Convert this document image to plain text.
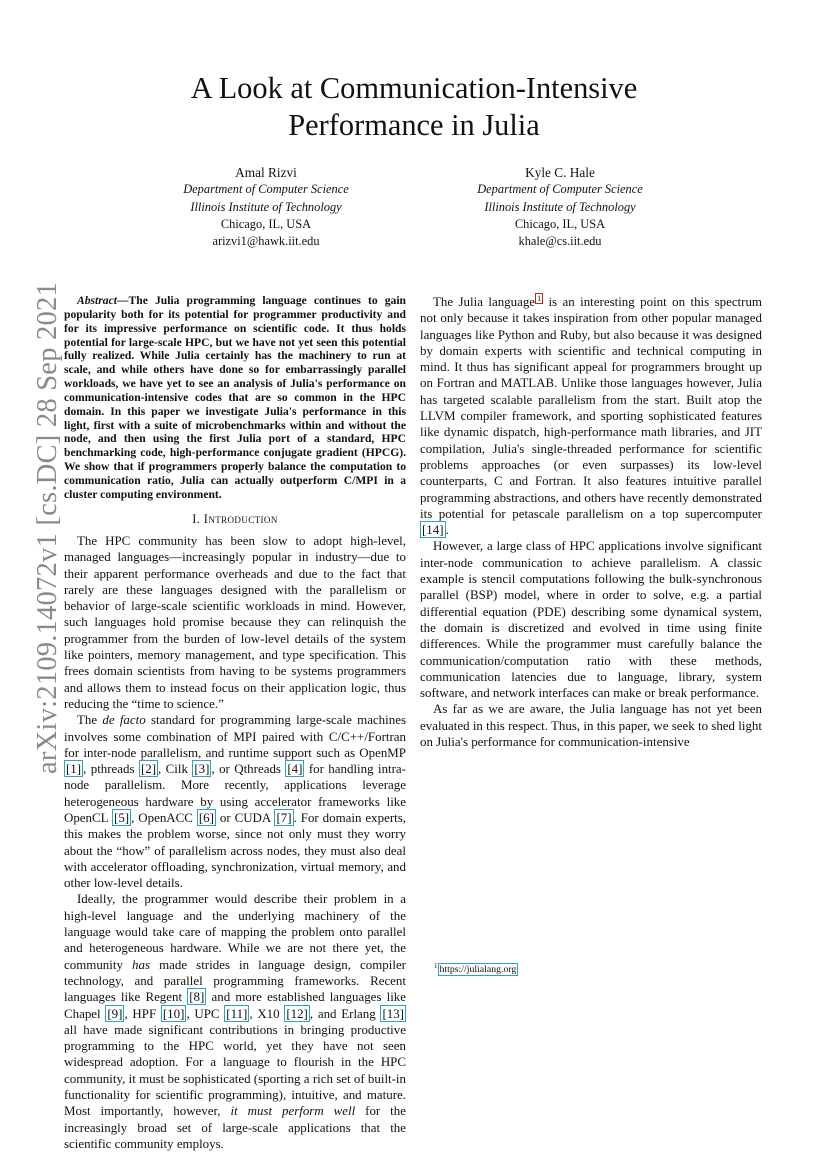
arXiv:2109.14072v1 [cs.DC] 28 Sep 2021
A Look at Communication-Intensive
Performance in Julia
Amal Rizvi
Department of Computer Science
Illinois Institute of Technology
Chicago, IL, USA
arizvi1@hawk.iit.edu
Kyle C. Hale
Department of Computer Science
Illinois Institute of Technology
Chicago, IL, USA
khale@cs.iit.edu

Abstract—The Julia programming language continues to gain popularity both for its potential for programmer productivity and for its impressive performance on scientific code. It thus holds potential for large-scale HPC, but we have not yet seen this potential fully realized. While Julia certainly has the machinery to run at scale, and while others have done so for embarrassingly parallel workloads, we have yet to see an analysis of Julia's performance on communication-intensive codes that are so common in the HPC domain. In this paper we investigate Julia's performance in this light, first with a suite of microbenchmarks within and without the node, and then using the first Julia port of a standard, HPC benchmarking code, high-performance conjugate gradient (HPCG). We show that if programmers properly balance the computation to communication ratio, Julia can actually outperform C/MPI in a cluster computing environment.

I. Introduction

The HPC community has been slow to adopt high-level, managed languages—increasingly popular in industry—due to their apparent performance overheads and due to the fact that rarely are these languages designed with the parallelism or behavior of large-scale scientific workloads in mind. However, such languages hold promise because they can relinquish the programmer from the burden of low-level details of the system like pointers, memory management, and type specification. This frees domain scientists from having to be systems programmers and allows them to instead focus on their application logic, thus reducing the “time to science.”

The de facto standard for programming large-scale machines involves some combination of MPI paired with C/C++/Fortran for inter-node parallelism, and runtime support such as OpenMP [1] , pthreads [2] , Cilk [3] , or Qthreads [4] for handling intra-node parallelism. More recently, applications leverage heterogeneous hardware by using accelerator frameworks like OpenCL [5] , OpenACC [6] or CUDA [7] . For domain experts, this makes the problem worse, since not only must they worry about the “how” of parallelism across nodes, they must also deal with accelerator offloading, synchronization, virtual memory, and other low-level details.

Ideally, the programmer would describe their problem in a high-level language and the underlying machinery of the language would take care of mapping the problem onto parallel and heterogeneous hardware. While we are not there yet, the community has made strides in language design, compiler technology, and parallel programming frameworks. Recent languages like Regent [8] and more established languages like Chapel [9] , HPF [10] , UPC [11] , X10 [12] , and Erlang [13] all have made significant contributions in bringing productive programming to the HPC world, yet they have not seen widespread adoption. For a language to flourish in the HPC community, it must be sophisticated (sporting a rich set of built-in functionality for scientific programming), intuitive, and mature. Most importantly, however, it must perform well for the increasingly broad set of large-scale applications that the scientific community employs.

The Julia language $^1$ is an interesting point on this spectrum not only because it takes inspiration from other popular managed languages like Python and Ruby, but also because it was designed by domain experts with scientific and technical computing in mind. It thus has significant appeal for programmers brought up on Fortran and MATLAB. Unlike those languages however, Julia has targeted scalable parallelism from the start. Built atop the LLVM compiler framework, and sporting sophisticated features like dynamic dispatch, high-performance math libraries, and JIT compilation, Julia's single-threaded performance for scientific problems approaches (or even surpasses) its low-level counterparts, C and Fortran. It also features intuitive parallel programming abstractions, and others have recently demonstrated its potential for petascale parallelism on a top supercomputer [14] .

However, a large class of HPC applications involve significant inter-node communication to achieve parallelism. A classic example is stencil computations following the bulk-synchronous parallel (BSP) model, where in order to solve, e.g. a partial differential equation (PDE) describing some dynamical system, the domain is discretized and evolved in time using finite differences. While the programmer must carefully balance the communication/computation ratio with these methods, communication latencies due to language, library, system software, and network interfaces can make or break performance.

As far as we are aware, the Julia language has not yet been evaluated in this respect. Thus, in this paper, we seek to shed light on Julia's performance for communication-intensive

$^1$ https://julialang.org
